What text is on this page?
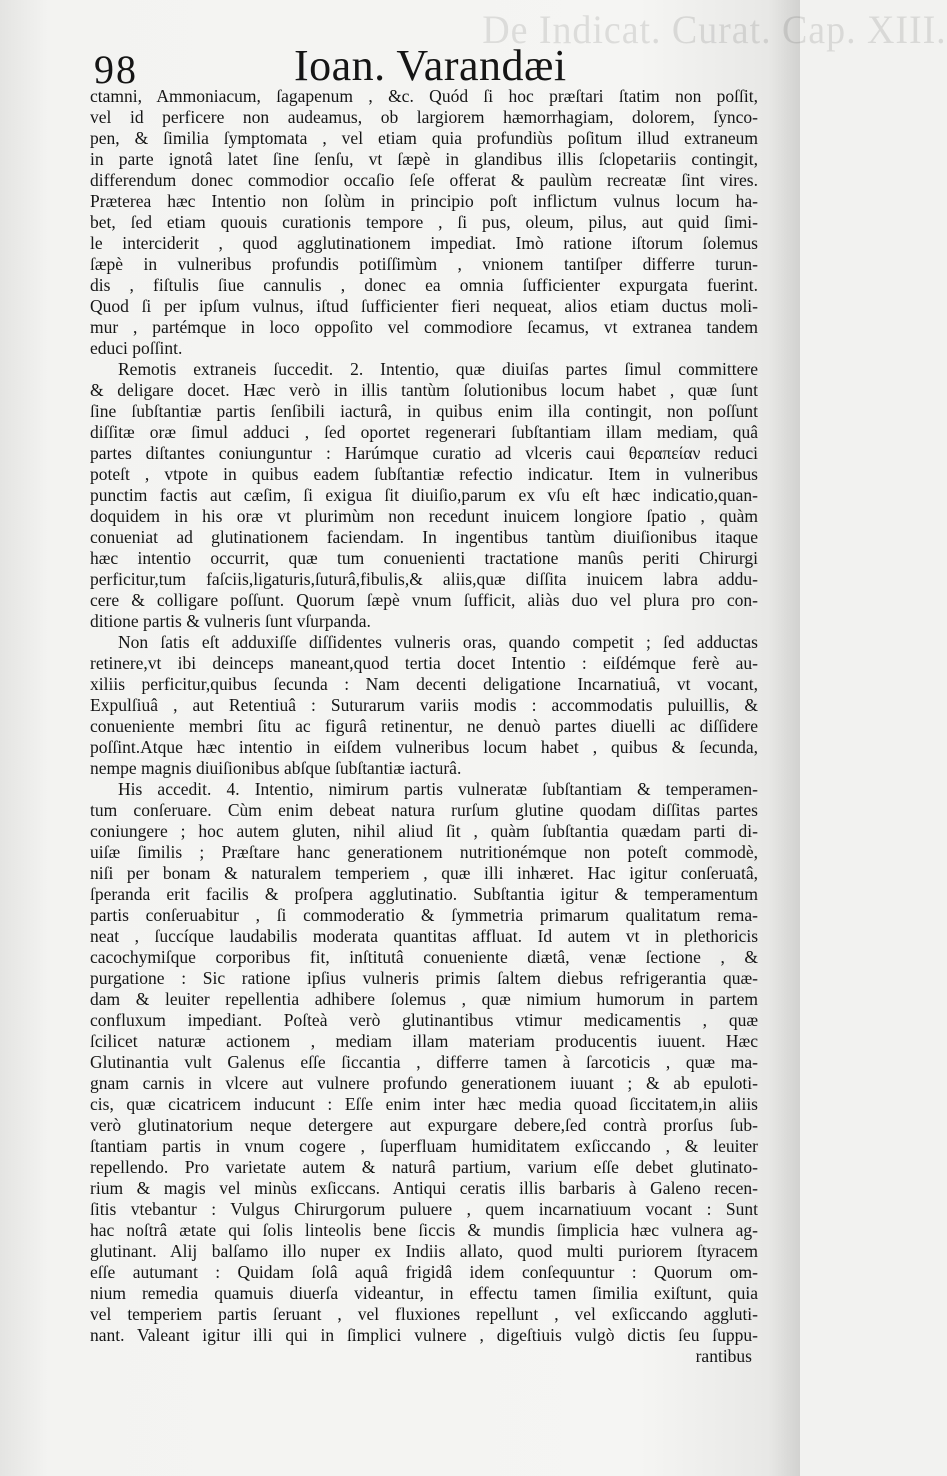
De Indicat. Curat. Cap. XIII.
98	Ioan. Varandæi
ctamni, Ammoniacum, ſagapenum , &c. Quód ſi hoc præſtari ſtatim non poſſit,
vel id perficere non audeamus, ob largiorem hæmorrhagiam, dolorem, ſynco-
pen, & ſimilia ſymptomata , vel etiam quia profundiùs poſitum illud extraneum
in parte ignotâ latet ſine ſenſu, vt ſæpè in glandibus illis ſclopetariis contingit,
differendum donec commodior occaſio ſeſe offerat & paulùm recreatæ ſint vires.
Præterea hæc Intentio non ſolùm in principio poſt inflictum vulnus locum ha-
bet, ſed etiam quouis curationis tempore , ſi pus, oleum, pilus, aut quid ſimi-
le interciderit , quod agglutinationem impediat. Imò ratione iſtorum ſolemus
ſæpè in vulneribus profundis potiſſimùm , vnionem tantiſper differre turun-
dis , fiſtulis ſiue cannulis , donec ea omnia ſufficienter expurgata fuerint.
Quod ſi per ipſum vulnus, iſtud ſufficienter fieri nequeat, alios etiam ductus moli-
mur , partémque in loco oppoſito vel commodiore ſecamus, vt extranea tandem
educi poſſint.
Remotis extraneis ſuccedit. 2. Intentio, quæ diuiſas partes ſimul committere
& deligare docet. Hæc verò in illis tantùm ſolutionibus locum habet , quæ ſunt
ſine ſubſtantiæ partis ſenſibili iacturâ, in quibus enim illa contingit, non poſſunt
diſſitæ oræ ſimul adduci , ſed oportet regenerari ſubſtantiam illam mediam, quâ
partes diſtantes coniunguntur : Harúmque curatio ad vlceris caui θεραπείαν reduci
poteſt , vtpote in quibus eadem ſubſtantiæ refectio indicatur. Item in vulneribus
punctim factis aut cæſim, ſi exigua ſit diuiſio,parum ex vſu eſt hæc indicatio,quan-
doquidem in his oræ vt plurimùm non recedunt inuicem longiore ſpatio , quàm
conueniat ad glutinationem faciendam. In ingentibus tantùm diuiſionibus itaque
hæc intentio occurrit, quæ tum conuenienti tractatione manûs periti Chirurgi
perficitur,tum faſciis,ligaturis,ſuturâ,fibulis,& aliis,quæ diſſita inuicem labra addu-
cere & colligare poſſunt. Quorum ſæpè vnum ſufficit, aliàs duo vel plura pro con-
ditione partis & vulneris ſunt vſurpanda.
Non ſatis eſt adduxiſſe diſſidentes vulneris oras, quando competit ; ſed adductas
retinere,vt ibi deinceps maneant,quod tertia docet Intentio : eiſdémque ferè au-
xiliis perficitur,quibus ſecunda : Nam decenti deligatione Incarnatiuâ, vt vocant,
Expulſiuâ , aut Retentiuâ : Suturarum variis modis : accommodatis puluillis, &
conueniente membri ſitu ac figurâ retinentur, ne denuò partes diuelli ac diſſidere
poſſint.Atque hæc intentio in eiſdem vulneribus locum habet , quibus & ſecunda,
nempe magnis diuiſionibus abſque ſubſtantiæ iacturâ.
His accedit. 4. Intentio, nimirum partis vulneratæ ſubſtantiam & temperamen-
tum conſeruare. Cùm enim debeat natura rurſum glutine quodam diſſitas partes
coniungere ; hoc autem gluten, nihil aliud ſit , quàm ſubſtantia quædam parti di-
uiſæ ſimilis ; Præſtare hanc generationem nutritionémque non poteſt commodè,
niſi per bonam & naturalem temperiem , quæ illi inhæret. Hac igitur conſeruatâ,
ſperanda erit facilis & proſpera agglutinatio. Subſtantia igitur & temperamentum
partis conſeruabitur , ſi commoderatio & ſymmetria primarum qualitatum rema-
neat , ſuccíque laudabilis moderata quantitas affluat. Id autem vt in plethoricis
cacochymiſque corporibus fit, inſtitutâ conueniente diætâ, venæ ſectione , &
purgatione : Sic ratione ipſius vulneris primis ſaltem diebus refrigerantia quæ-
dam & leuiter repellentia adhibere ſolemus , quæ nimium humorum in partem
confluxum impediant. Poſteà verò glutinantibus vtimur medicamentis , quæ
ſcilicet naturæ actionem , mediam illam materiam producentis iuuent. Hæc
Glutinantia vult Galenus eſſe ſiccantia , differre tamen à ſarcoticis , quæ ma-
gnam carnis in vlcere aut vulnere profundo generationem iuuant ; & ab epuloti-
cis, quæ cicatricem inducunt : Eſſe enim inter hæc media quoad ſiccitatem,in aliis
verò glutinatorium neque detergere aut expurgare debere,ſed contrà prorſus ſub-
ſtantiam partis in vnum cogere , ſuperfluam humiditatem exſiccando , & leuiter
repellendo. Pro varietate autem & naturâ partium, varium eſſe debet glutinato-
rium & magis vel minùs exſiccans. Antiqui ceratis illis barbaris à Galeno recen-
ſitis vtebantur : Vulgus Chirurgorum puluere , quem incarnatiuum vocant : Sunt
hac noſtrâ ætate qui ſolis linteolis bene ſiccis & mundis ſimplicia hæc vulnera ag-
glutinant. Alij balſamo illo nuper ex Indiis allato, quod multi puriorem ſtyracem
eſſe autumant : Quidam ſolâ aquâ frigidâ idem conſequuntur : Quorum om-
nium remedia quamuis diuerſa videantur, in effectu tamen ſimilia exiſtunt, quia
vel temperiem partis ſeruant , vel fluxiones repellunt , vel exſiccando aggluti-
nant. Valeant igitur illi qui in ſimplici vulnere , digeſtiuis vulgò dictis ſeu ſuppu-
rantibus
